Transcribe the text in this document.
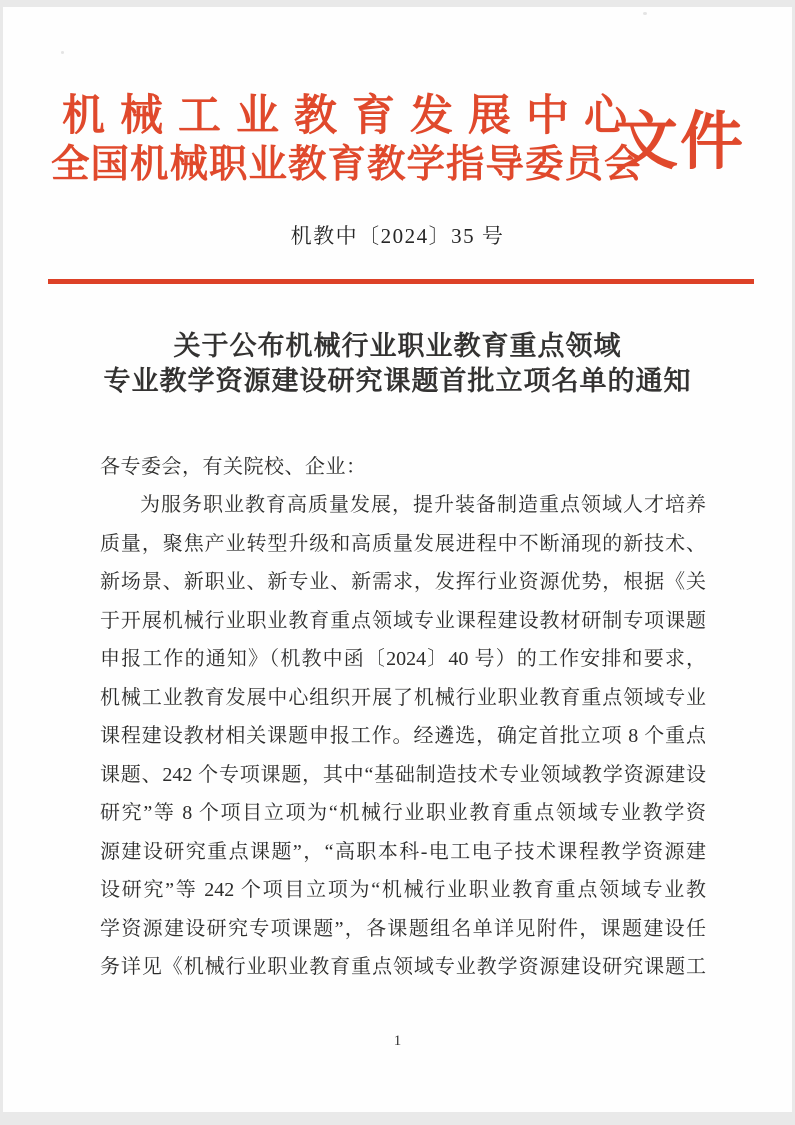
机械工业教育发展中心
全国机械职业教育教学指导委员会
文件
机教中〔2024〕35 号
关于公布机械行业职业教育重点领域
专业教学资源建设研究课题首批立项名单的通知
各专委会，有关院校、企业：
为服务职业教育高质量发展，提升装备制造重点领域人才培养
质量，聚焦产业转型升级和高质量发展进程中不断涌现的新技术、
新场景、新职业、新专业、新需求，发挥行业资源优势，根据《关
于开展机械行业职业教育重点领域专业课程建设教材研制专项课题
申报工作的通知》（机教中函〔2024〕40 号）的工作安排和要求，
机械工业教育发展中心组织开展了机械行业职业教育重点领域专业
课程建设教材相关课题申报工作。经遴选，确定首批立项 8 个重点
课题、242 个专项课题，其中“基础制造技术专业领域教学资源建设
研究”等 8 个项目立项为“机械行业职业教育重点领域专业教学资
源建设研究重点课题”，“高职本科-电工电子技术课程教学资源建
设研究”等 242 个项目立项为“机械行业职业教育重点领域专业教
学资源建设研究专项课题”，各课题组名单详见附件，课题建设任
务详见《机械行业职业教育重点领域专业教学资源建设研究课题工
1
